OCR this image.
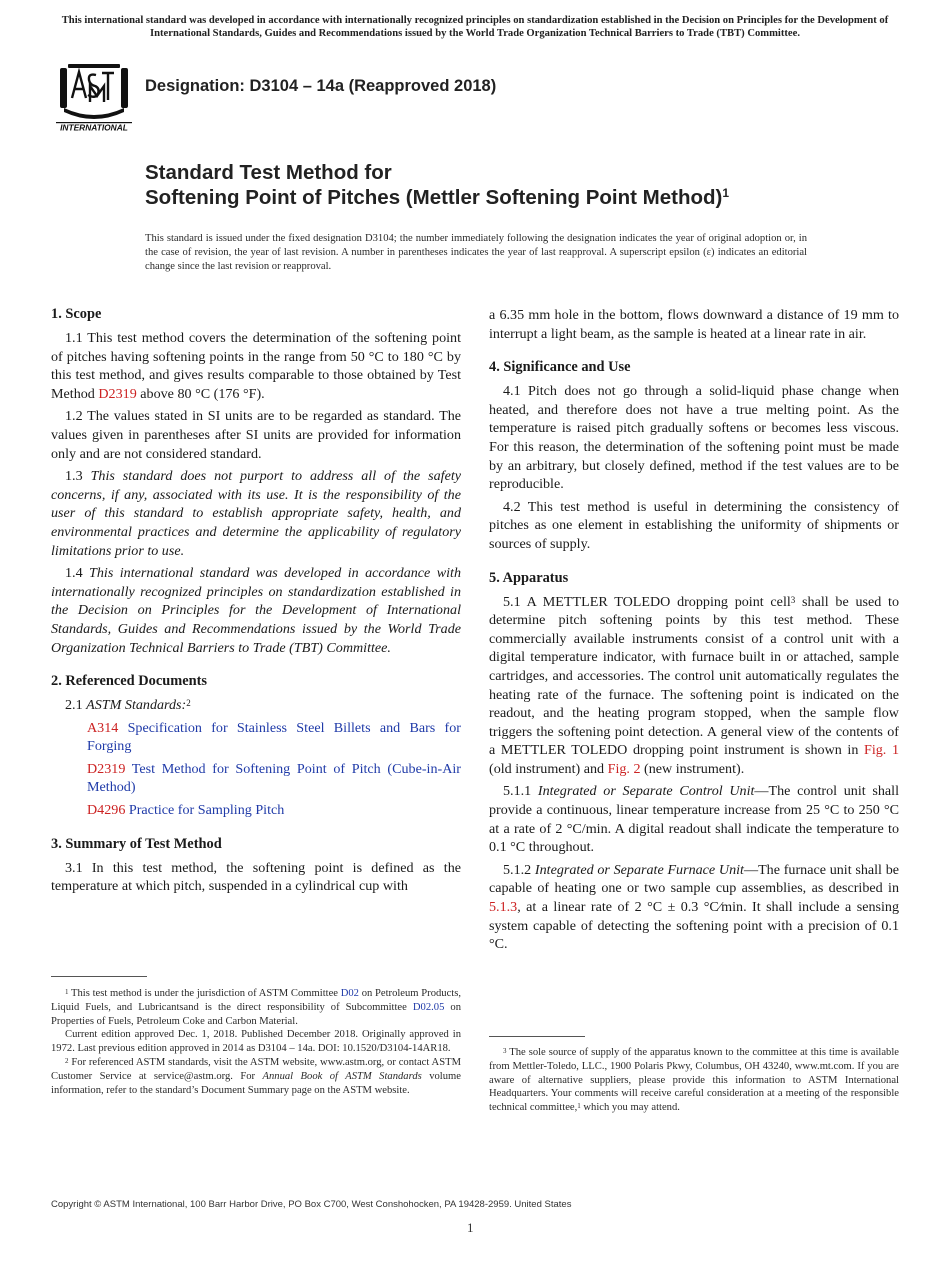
This international standard was developed in accordance with internationally recognized principles on standardization established in the Decision on Principles for the Development of International Standards, Guides and Recommendations issued by the World Trade Organization Technical Barriers to Trade (TBT) Committee.
INTERNATIONAL
Designation: D3104 – 14a (Reapproved 2018)
Standard Test Method for
Softening Point of Pitches (Mettler Softening Point Method)$^1$
This standard is issued under the fixed designation D3104; the number immediately following the designation indicates the year of original adoption or, in the case of revision, the year of last revision. A number in parentheses indicates the year of last reapproval. A superscript epsilon (ε) indicates an editorial change since the last revision or reapproval.
1. Scope

1.1 This test method covers the determination of the softening point of pitches having softening points in the range from 50 °C to 180 °C by this test method, and gives results comparable to those obtained by Test Method D2319 above 80 °C (176 °F).

1.2 The values stated in SI units are to be regarded as standard. The values given in parentheses after SI units are provided for information only and are not considered standard.

1.3 This standard does not purport to address all of the safety concerns, if any, associated with its use. It is the responsibility of the user of this standard to establish appropriate safety, health, and environmental practices and determine the applicability of regulatory limitations prior to use.

1.4 This international standard was developed in accordance with internationally recognized principles on standardization established in the Decision on Principles for the Development of International Standards, Guides and Recommendations issued by the World Trade Organization Technical Barriers to Trade (TBT) Committee.

2. Referenced Documents

2.1 ASTM Standards:$^2$

A314 Specification for Stainless Steel Billets and Bars for Forging

D2319 Test Method for Softening Point of Pitch (Cube-in-Air Method)

D4296 Practice for Sampling Pitch

3. Summary of Test Method

3.1 In this test method, the softening point is defined as the temperature at which pitch, suspended in a cylindrical cup with

$^1$ This test method is under the jurisdiction of ASTM Committee D02 on Petroleum Products, Liquid Fuels, and Lubricantsand is the direct responsibility of Subcommittee D02.05 on Properties of Fuels, Petroleum Coke and Carbon Material.

Current edition approved Dec. 1, 2018. Published December 2018. Originally approved in 1972. Last previous edition approved in 2014 as D3104 – 14a. DOI: 10.1520/D3104-14AR18.

$^2$ For referenced ASTM standards, visit the ASTM website, www.astm.org, or contact ASTM Customer Service at service@astm.org. For Annual Book of ASTM Standards volume information, refer to the standard’s Document Summary page on the ASTM website.

a 6.35 mm hole in the bottom, flows downward a distance of 19 mm to interrupt a light beam, as the sample is heated at a linear rate in air.

4. Significance and Use

4.1 Pitch does not go through a solid-liquid phase change when heated, and therefore does not have a true melting point. As the temperature is raised pitch gradually softens or becomes less viscous. For this reason, the determination of the softening point must be made by an arbitrary, but closely defined, method if the test values are to be reproducible.

4.2 This test method is useful in determining the consistency of pitches as one element in establishing the uniformity of shipments or sources of supply.

5. Apparatus

5.1 A METTLER TOLEDO dropping point cell$^3$ shall be used to determine pitch softening points by this test method. These commercially available instruments consist of a control unit with a digital temperature indicator, with furnace built in or attached, sample cartridges, and accessories. The control unit automatically regulates the heating rate of the furnace. The softening point is indicated on the readout, and the heating program stopped, when the sample flow triggers the softening point detection. A general view of the contents of a METTLER TOLEDO dropping point instrument is shown in Fig. 1 (old instrument) and Fig. 2 (new instrument).

5.1.1 Integrated or Separate Control Unit—The control unit shall provide a continuous, linear temperature increase from 25 °C to 250 °C at a rate of 2 °C/min. A digital readout shall indicate the temperature to 0.1 °C throughout.

5.1.2 Integrated or Separate Furnace Unit—The furnace unit shall be capable of heating one or two sample cup assemblies, as described in 5.1.3, at a linear rate of 2 °C ± 0.3 °C⁄min. It shall include a sensing system capable of detecting the softening point with a precision of 0.1 °C.

$^3$ The sole source of supply of the apparatus known to the committee at this time is available from Mettler-Toledo, LLC., 1900 Polaris Pkwy, Columbus, OH 43240, www.mt.com. If you are aware of alternative suppliers, please provide this information to ASTM International Headquarters. Your comments will receive careful consideration at a meeting of the responsible technical committee,$^1$ which you may attend.

Copyright © ASTM International, 100 Barr Harbor Drive, PO Box C700, West Conshohocken, PA 19428-2959. United States
1
